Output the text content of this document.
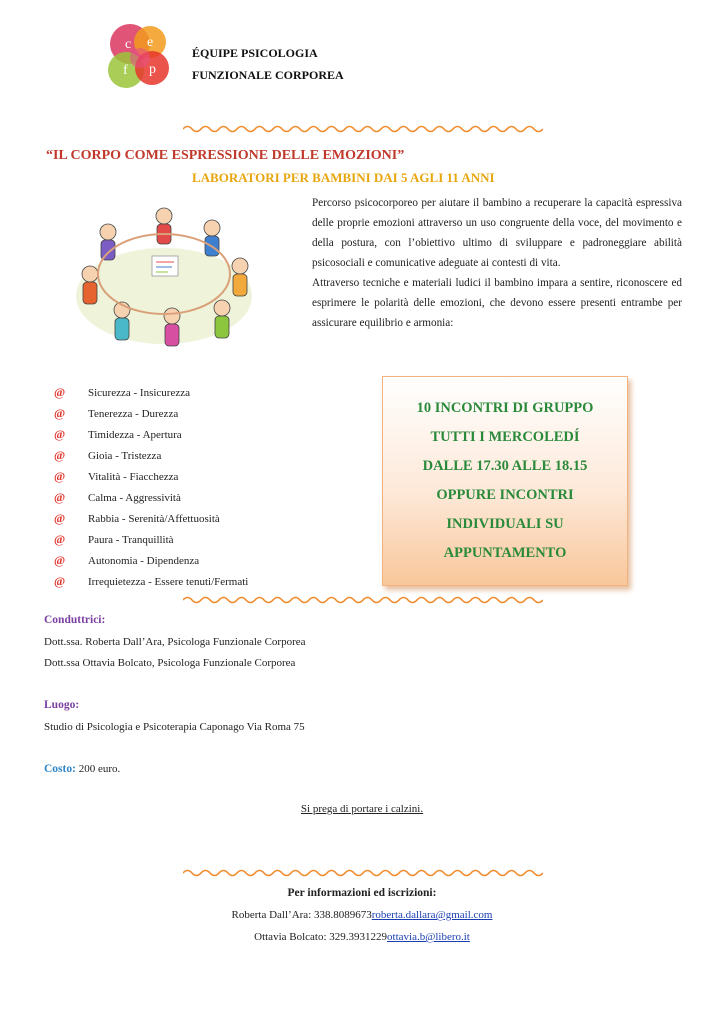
c e
f p
ÉQUIPE PSICOLOGIA
FUNZIONALE CORPOREA
“IL CORPO COME ESPRESSIONE DELLE EMOZIONI”
LABORATORI PER BAMBINI DAI 5 AGLI 11 ANNI

Percorso psicocorporeo per aiutare il bambino a recuperare la capacità espressiva delle proprie emozioni attraverso un uso congruente della voce, del movimento e della postura, con l’obiettivo ultimo di sviluppare e padroneggiare abilità psicosociali e comunicative adeguate ai contesti di vita.

Attraverso tecniche e materiali ludici il bambino impara a sentire, riconoscere ed esprimere le polarità delle emozioni, che devono essere presenti entrambe per assicurare equilibrio e armonia:

@	Sicurezza - Insicurezza
@	Tenerezza - Durezza
@	Timidezza - Apertura
@	Gioia - Tristezza
@	Vitalità - Fiacchezza
@	Calma - Aggressività
@	Rabbia - Serenità/Affettuosità
@	Paura - Tranquillità
@	Autonomia - Dipendenza
@	Irrequietezza - Essere tenuti/Fermati
10 INCONTRI DI GRUPPO
TUTTI I MERCOLEDÍ
DALLE 17.30 ALLE 18.15
OPPURE INCONTRI
INDIVIDUALI SU
APPUNTAMENTO
Conduttrici:
Dott.ssa. Roberta Dall’Ara, Psicologa Funzionale Corporea
Dott.ssa Ottavia Bolcato, Psicologa Funzionale Corporea
Luogo:
Studio di Psicologia e Psicoterapia Caponago Via Roma 75
Costo: 200 euro.
Si prega di portare i calzini.
Per informazioni ed iscrizioni:
Roberta Dall’Ara: 338.8089673roberta.dallara@gmail.com
Ottavia Bolcato: 329.3931229ottavia.b@libero.it
